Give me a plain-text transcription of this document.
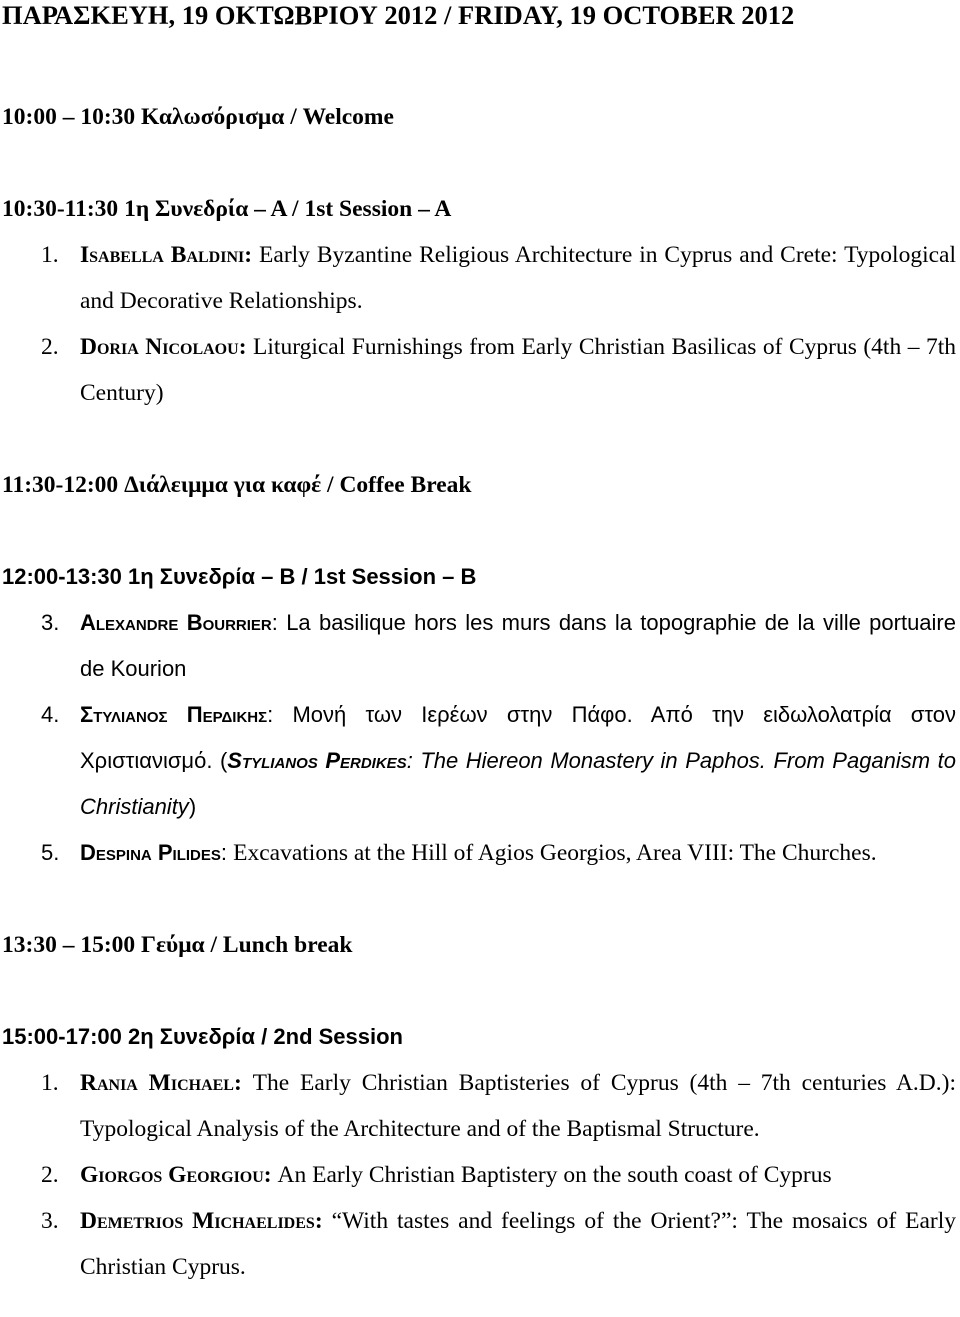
ΠΑΡΑΣΚΕΥΗ, 19 ΟΚΤΩΒΡΙΟΥ 2012 / FRIDAY, 19 OCTOBER 2012
10:00 – 10:30 Καλωσόρισμα / Welcome
10:30-11:30 1η Συνεδρία – Α / 1st Session – A
1. Isabella Baldini: Early Byzantine Religious Architecture in Cyprus and Crete: Typological and Decorative Relationships.
2. Doria Nicolaou: Liturgical Furnishings from Early Christian Basilicas of Cyprus (4th – 7th Century)
11:30-12:00 Διάλειμμα για καφέ / Coffee Break
12:00-13:30 1η Συνεδρία – Β / 1st Session – B
3. Alexandre Bourrier: La basilique hors les murs dans la topographie de la ville portuaire de Kourion
4. Στυλιανος Περδικης: Μονή των Ιερέων στην Πάφο. Από την ειδωλολατρία στον Χριστιανισμό. (Stylianos Perdikes: The Hiereon Monastery in Paphos. From Paganism to Christianity)
5. Despina Pilides: Excavations at the Hill of Agios Georgios, Area VIII: The Churches.
13:30 – 15:00 Γεύμα / Lunch break
15:00-17:00 2η Συνεδρία / 2nd Session
1. Rania Michael: The Early Christian Baptisteries of Cyprus (4th – 7th centuries A.D.): Typological Analysis of the Architecture and of the Baptismal Structure.
2. Giorgos Georgiou: An Early Christian Baptistery on the south coast of Cyprus
3. Demetrios Michaelides: “With tastes and feelings of the Orient?”: The mosaics of Early Christian Cyprus.
